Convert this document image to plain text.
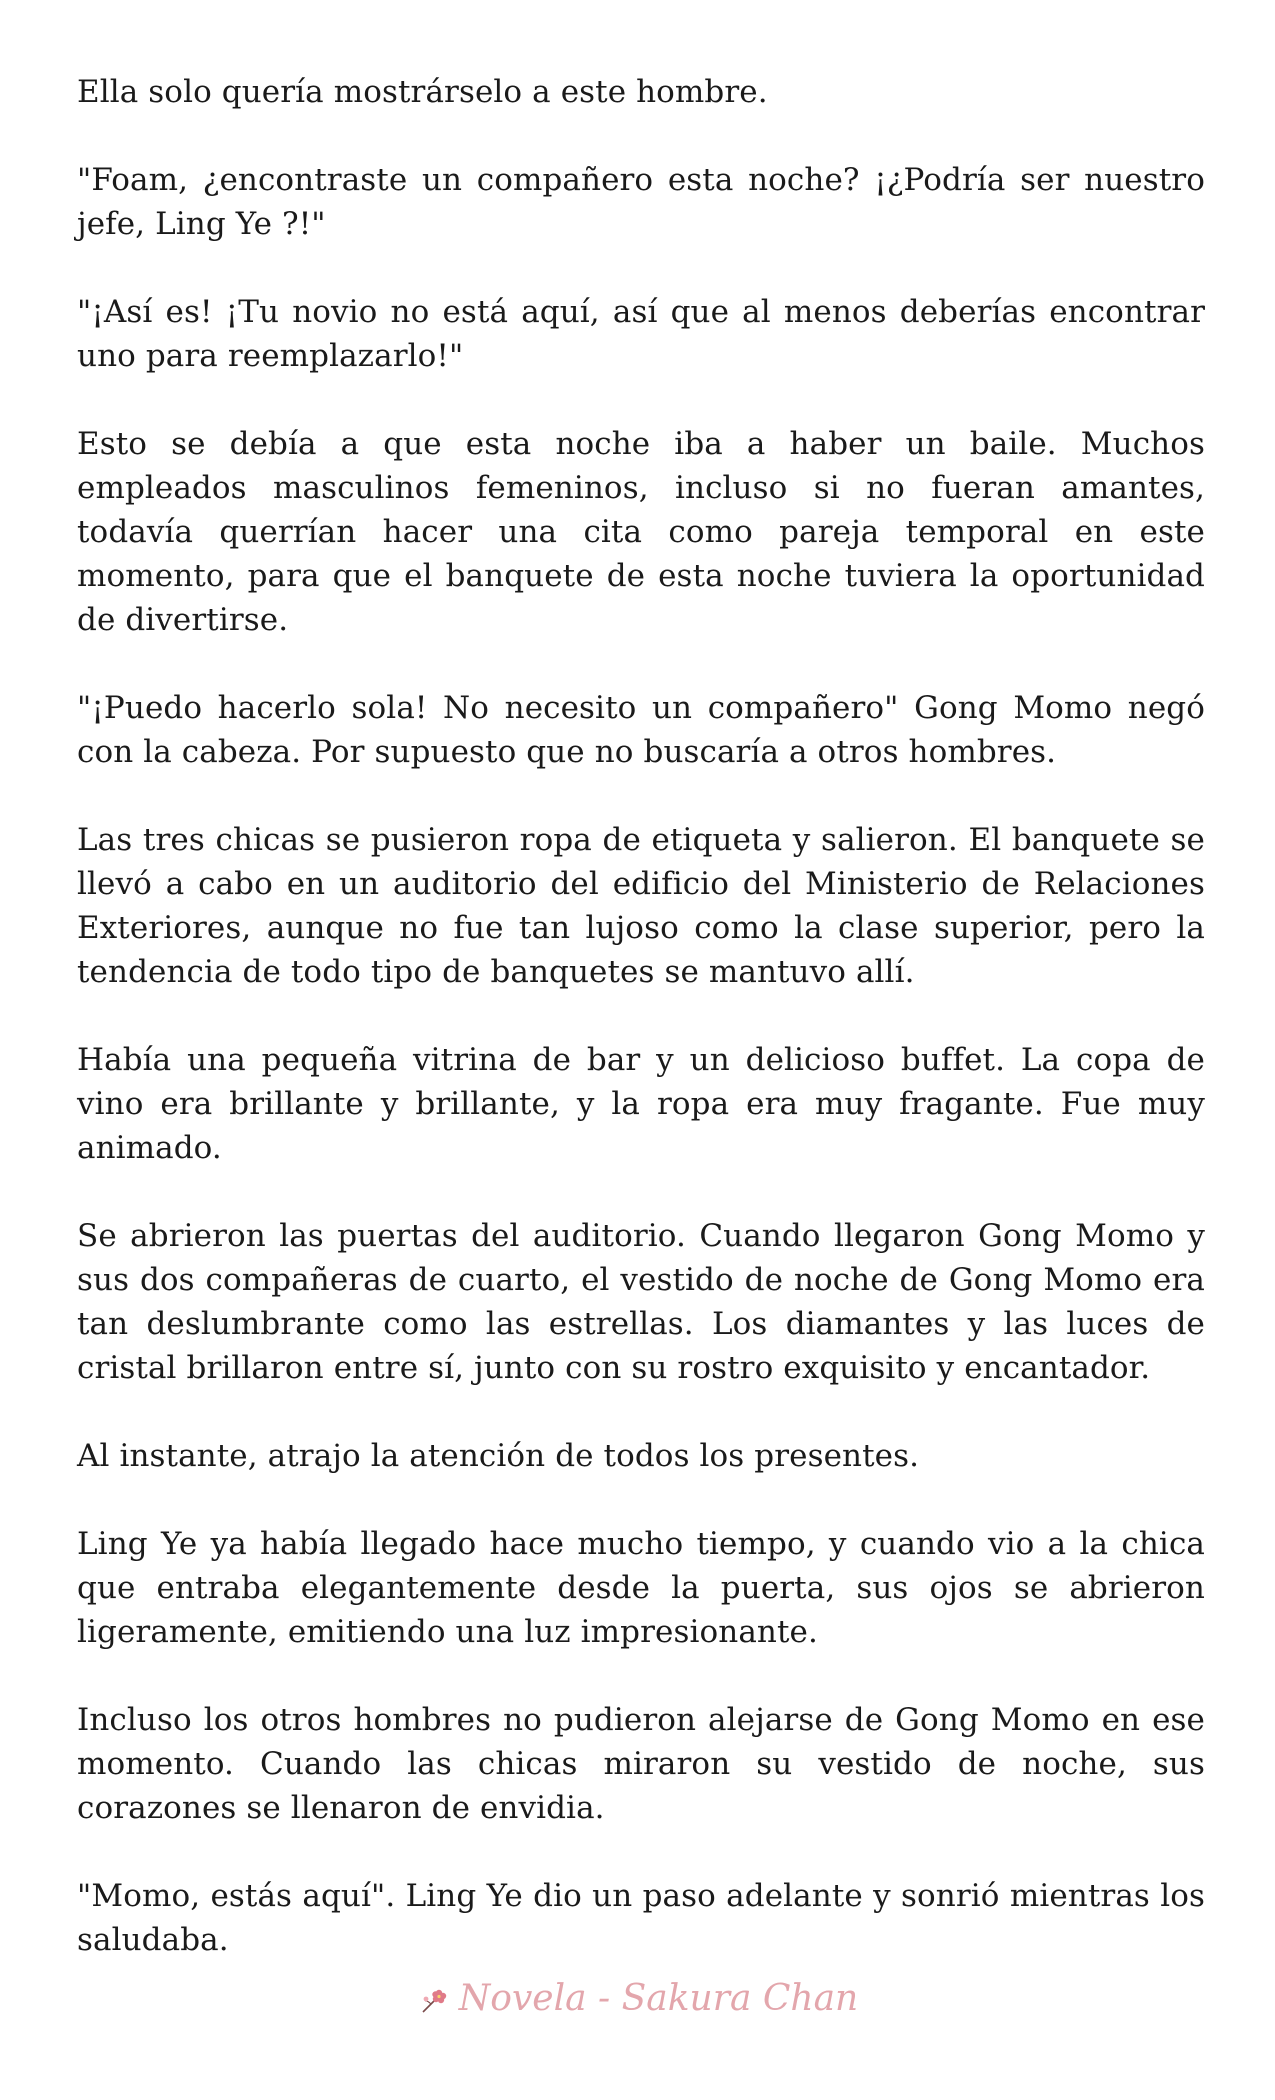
Ella solo quería mostrárselo a este hombre.

"Foam, ¿encontraste un compañero esta noche? ¡¿Podría ser nuestro jefe, Ling Ye ?!"

"¡Así es! ¡Tu novio no está aquí, así que al menos deberías encontrar uno para reemplazarlo!"

Esto se debía a que esta noche iba a haber un baile. Muchos empleados masculinos femeninos, incluso si no fueran amantes, todavía querrían hacer una cita como pareja temporal en este momento, para que el banquete de esta noche tuviera la oportunidad de divertirse.

"¡Puedo hacerlo sola! No necesito un compañero" Gong Momo negó con la cabeza. Por supuesto que no buscaría a otros hombres.

Las tres chicas se pusieron ropa de etiqueta y salieron. El banquete se llevó a cabo en un auditorio del edificio del Ministerio de Relaciones Exteriores, aunque no fue tan lujoso como la clase superior, pero la tendencia de todo tipo de banquetes se mantuvo allí.

Había una pequeña vitrina de bar y un delicioso buffet. La copa de vino era brillante y brillante, y la ropa era muy fragante. Fue muy animado.

Se abrieron las puertas del auditorio. Cuando llegaron Gong Momo y sus dos compañeras de cuarto, el vestido de noche de Gong Momo era tan deslumbrante como las estrellas. Los diamantes y las luces de cristal brillaron entre sí, junto con su rostro exquisito y encantador.

Al instante, atrajo la atención de todos los presentes.

Ling Ye ya había llegado hace mucho tiempo, y cuando vio a la chica que entraba elegantemente desde la puerta, sus ojos se abrieron ligeramente, emitiendo una luz impresionante.

Incluso los otros hombres no pudieron alejarse de Gong Momo en ese momento. Cuando las chicas miraron su vestido de noche, sus corazones se llenaron de envidia.

"Momo, estás aquí". Ling Ye dio un paso adelante y sonrió mientras los saludaba.

Novela - Sakura Chan
